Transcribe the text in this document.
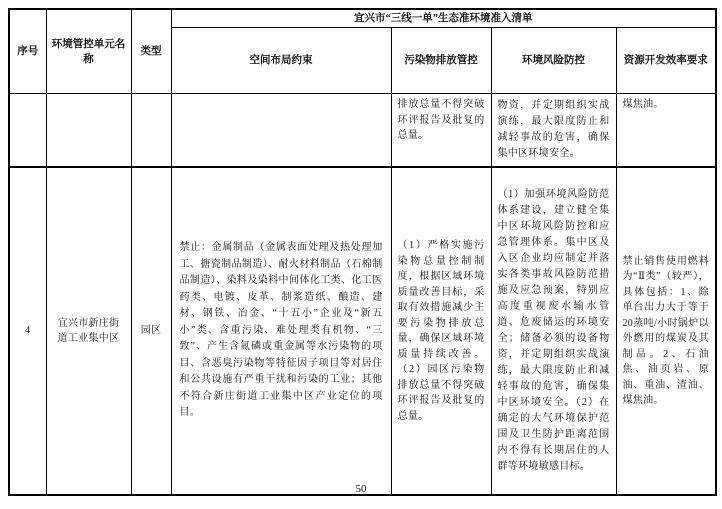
序号	环境管控单元名称	类型	宜兴市“三线一单”生态准环境准入清单			
			空间布局约束	污染物排放管控	环境风险防控	资源开发效率要求
				排放总量不得突破环评报告及批复的总量。	物资，并定期组织实战演练，最大限度防止和减轻事故的危害，确保集中区环境安全。	煤焦油。
4	宜兴市新庄街道工业集中区	园区	禁止：金属制品（金属表面处理及热处理加工、搪瓷制品制造）、耐火材料制品（石棉制品制造）、染料及染料中间体化工类、化工医药类、电镀、皮革、制浆造纸、酿造、建材、钢铁、冶金、“十五小”企业及“新五小”类、含重污染、难处理类有机物、“三致”、产生含氮磷或重金属等水污染物的项目、含恶臭污染物等特征因子项目等对居住和公共设施有严重干扰和污染的工业；其他不符合新庄街道工业集中区产业定位的项目。	（1）严格实施污染物总量控制制度，根据区域环境质量改善目标，采取有效措施减少主要污染物排放总量，确保区域环境质量持续改善。（2）园区污染物排放总量不得突破环评报告及批复的总量。	（1）加强环境风险防范体系建设，建立健全集中区环境风险防控和应急管理体系。集中区及入区企业均应制定并落实各类事故风险防范措施及应急预案，特别应高度重视废水输水管道、危废储运的环境安全；储备必须的设备物资，并定期组织实战演练，最大限度防止和减轻事故的危害，确保集中区环境安全。（2）在确定的大气环境保护范围及卫生防护距离范围内不得有长期居住的人群等环境敏感目标。	禁止销售使用燃料为“Ⅱ类”（较严），具体包括：1、除单台出力大于等于20蒸吨/小时锅炉以外燃用的煤炭及其制品。2、石油焦、油页岩、原油、重油、渣油、煤焦油。
50
